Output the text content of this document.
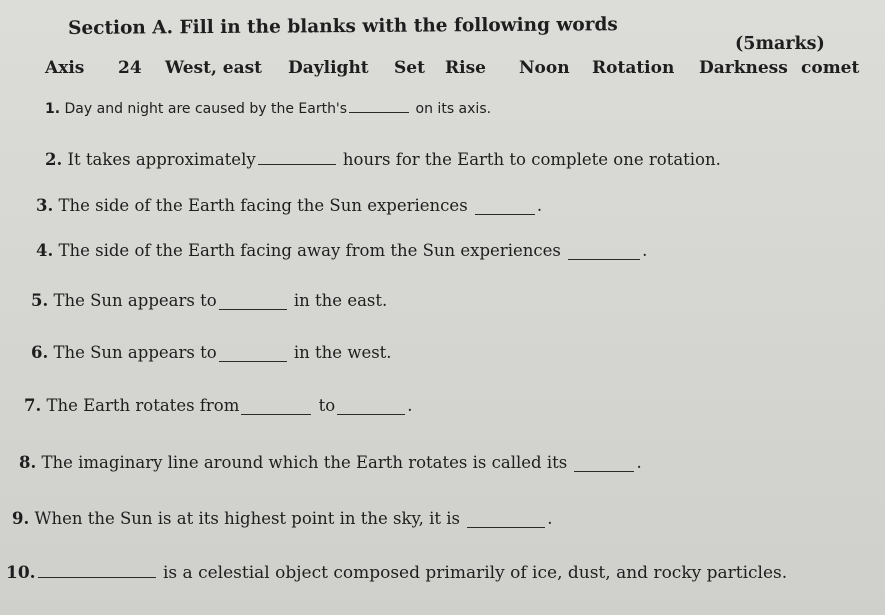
Section A. Fill in the blanks with the following words
(5marks)
Axis 24 West, east Daylight Set Rise Noon Rotation Darkness comet
1. Day and night are caused by the Earth's	on its axis.
2. It takes approximately	hours for the Earth to complete one rotation.
3. The side of the Earth facing the Sun experiences	.
4. The side of the Earth facing away from the Sun experiences	.
5. The Sun appears to	in the east.
6. The Sun appears to	in the west.
7. The Earth rotates from	to	.
8. The imaginary line around which the Earth rotates is called its	.
9. When the Sun is at its highest point in the sky, it is	.
10.	is a celestial object composed primarily of ice, dust, and rocky particles.
